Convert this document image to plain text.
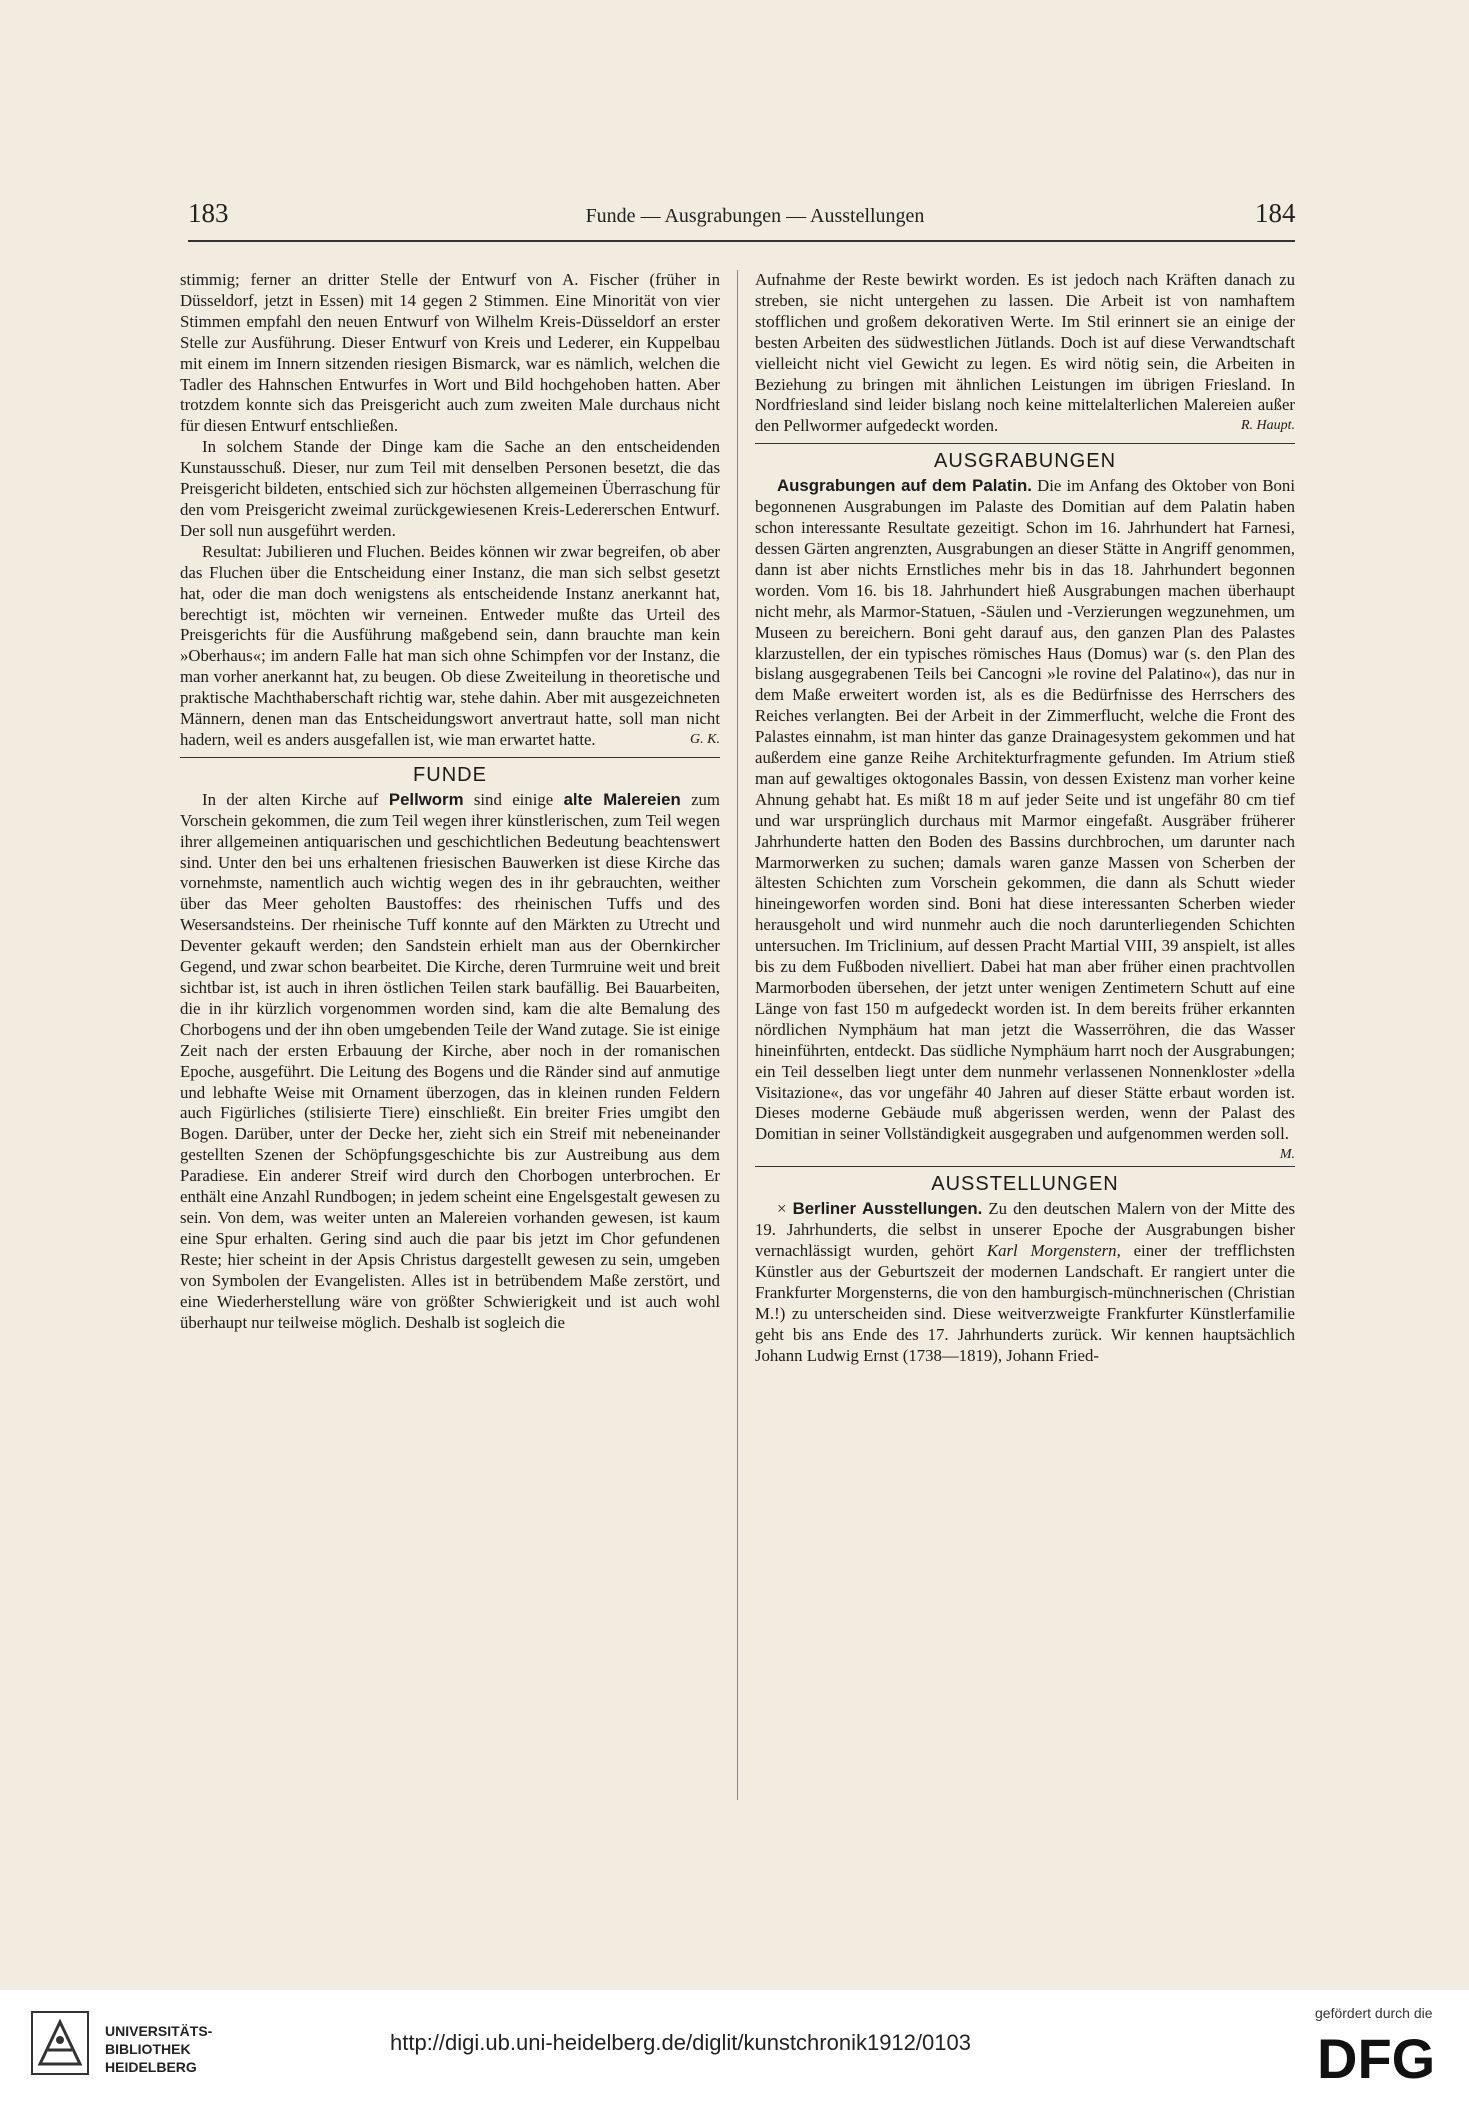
183	Funde — Ausgrabungen — Ausstellungen	184

stimmig; ferner an dritter Stelle der Entwurf von A. Fischer (früher in Düsseldorf, jetzt in Essen) mit 14 gegen 2 Stimmen. Eine Minorität von vier Stimmen empfahl den neuen Entwurf von Wilhelm Kreis-Düsseldorf an erster Stelle zur Ausführung. Dieser Entwurf von Kreis und Lederer, ein Kuppelbau mit einem im Innern sitzenden riesigen Bismarck, war es nämlich, welchen die Tadler des Hahnschen Entwurfes in Wort und Bild hochgehoben hatten. Aber trotzdem konnte sich das Preisgericht auch zum zweiten Male durchaus nicht für diesen Entwurf entschließen.

In solchem Stande der Dinge kam die Sache an den entscheidenden Kunstausschuß. Dieser, nur zum Teil mit denselben Personen besetzt, die das Preisgericht bildeten, entschied sich zur höchsten allgemeinen Überraschung für den vom Preisgericht zweimal zurückgewiesenen Kreis-Ledererschen Entwurf. Der soll nun ausgeführt werden.

Resultat: Jubilieren und Fluchen. Beides können wir zwar begreifen, ob aber das Fluchen über die Entscheidung einer Instanz, die man sich selbst gesetzt hat, oder die man doch wenigstens als entscheidende Instanz anerkannt hat, berechtigt ist, möchten wir verneinen. Entweder mußte das Urteil des Preisgerichts für die Ausführung maßgebend sein, dann brauchte man kein »Oberhaus«; im andern Falle hat man sich ohne Schimpfen vor der Instanz, die man vorher anerkannt hat, zu beugen. Ob diese Zweiteilung in theoretische und praktische Machthaberschaft richtig war, stehe dahin. Aber mit ausgezeichneten Männern, denen man das Entscheidungswort anvertraut hatte, soll man nicht hadern, weil es anders ausgefallen ist, wie man erwartet hatte.	G. K.

FUNDE

In der alten Kirche auf Pellworm sind einige alte Malereien zum Vorschein gekommen, die zum Teil wegen ihrer künstlerischen, zum Teil wegen ihrer allgemeinen antiquarischen und geschichtlichen Bedeutung beachtenswert sind. Unter den bei uns erhaltenen friesischen Bauwerken ist diese Kirche das vornehmste, namentlich auch wichtig wegen des in ihr gebrauchten, weither über das Meer geholten Baustoffes: des rheinischen Tuffs und des Wesersandsteins. Der rheinische Tuff konnte auf den Märkten zu Utrecht und Deventer gekauft werden; den Sandstein erhielt man aus der Obernkircher Gegend, und zwar schon bearbeitet. Die Kirche, deren Turmruine weit und breit sichtbar ist, ist auch in ihren östlichen Teilen stark baufällig. Bei Bauarbeiten, die in ihr kürzlich vorgenommen worden sind, kam die alte Bemalung des Chorbogens und der ihn oben umgebenden Teile der Wand zutage. Sie ist einige Zeit nach der ersten Erbauung der Kirche, aber noch in der romanischen Epoche, ausgeführt. Die Leitung des Bogens und die Ränder sind auf anmutige und lebhafte Weise mit Ornament überzogen, das in kleinen runden Feldern auch Figürliches (stilisierte Tiere) einschließt. Ein breiter Fries umgibt den Bogen. Darüber, unter der Decke her, zieht sich ein Streif mit nebeneinander gestellten Szenen der Schöpfungsgeschichte bis zur Austreibung aus dem Paradiese. Ein anderer Streif wird durch den Chorbogen unterbrochen. Er enthält eine Anzahl Rundbogen; in jedem scheint eine Engelsgestalt gewesen zu sein. Von dem, was weiter unten an Malereien vorhanden gewesen, ist kaum eine Spur erhalten. Gering sind auch die paar bis jetzt im Chor gefundenen Reste; hier scheint in der Apsis Christus dargestellt gewesen zu sein, umgeben von Symbolen der Evangelisten. Alles ist in betrübendem Maße zerstört, und eine Wiederherstellung wäre von größter Schwierigkeit und ist auch wohl überhaupt nur teilweise möglich. Deshalb ist sogleich die

Aufnahme der Reste bewirkt worden. Es ist jedoch nach Kräften danach zu streben, sie nicht untergehen zu lassen. Die Arbeit ist von namhaftem stofflichen und großem dekorativen Werte. Im Stil erinnert sie an einige der besten Arbeiten des südwestlichen Jütlands. Doch ist auf diese Verwandtschaft vielleicht nicht viel Gewicht zu legen. Es wird nötig sein, die Arbeiten in Beziehung zu bringen mit ähnlichen Leistungen im übrigen Friesland. In Nordfriesland sind leider bislang noch keine mittelalterlichen Malereien außer den Pellwormer aufgedeckt worden.	R. Haupt.

AUSGRABUNGEN

Ausgrabungen auf dem Palatin. Die im Anfang des Oktober von Boni begonnenen Ausgrabungen im Palaste des Domitian auf dem Palatin haben schon interessante Resultate gezeitigt. Schon im 16. Jahrhundert hat Farnesi, dessen Gärten angrenzten, Ausgrabungen an dieser Stätte in Angriff genommen, dann ist aber nichts Ernstliches mehr bis in das 18. Jahrhundert begonnen worden. Vom 16. bis 18. Jahrhundert hieß Ausgrabungen machen überhaupt nicht mehr, als Marmor-Statuen, -Säulen und -Verzierungen wegzunehmen, um Museen zu bereichern. Boni geht darauf aus, den ganzen Plan des Palastes klarzustellen, der ein typisches römisches Haus (Domus) war (s. den Plan des bislang ausgegrabenen Teils bei Cancogni »le rovine del Palatino«), das nur in dem Maße erweitert worden ist, als es die Bedürfnisse des Herrschers des Reiches verlangten. Bei der Arbeit in der Zimmerflucht, welche die Front des Palastes einnahm, ist man hinter das ganze Drainagesystem gekommen und hat außerdem eine ganze Reihe Architekturfragmente gefunden. Im Atrium stieß man auf gewaltiges oktogonales Bassin, von dessen Existenz man vorher keine Ahnung gehabt hat. Es mißt 18 m auf jeder Seite und ist ungefähr 80 cm tief und war ursprünglich durchaus mit Marmor eingefaßt. Ausgräber früherer Jahrhunderte hatten den Boden des Bassins durchbrochen, um darunter nach Marmorwerken zu suchen; damals waren ganze Massen von Scherben der ältesten Schichten zum Vorschein gekommen, die dann als Schutt wieder hineingeworfen worden sind. Boni hat diese interessanten Scherben wieder herausgeholt und wird nunmehr auch die noch darunterliegenden Schichten untersuchen. Im Triclinium, auf dessen Pracht Martial VIII, 39 anspielt, ist alles bis zu dem Fußboden nivelliert. Dabei hat man aber früher einen prachtvollen Marmorboden übersehen, der jetzt unter wenigen Zentimetern Schutt auf eine Länge von fast 150 m aufgedeckt worden ist. In dem bereits früher erkannten nördlichen Nymphäum hat man jetzt die Wasserröhren, die das Wasser hineinführten, entdeckt. Das südliche Nymphäum harrt noch der Ausgrabungen; ein Teil desselben liegt unter dem nunmehr verlassenen Nonnenkloster »della Visitazione«, das vor ungefähr 40 Jahren auf dieser Stätte erbaut worden ist. Dieses moderne Gebäude muß abgerissen werden, wenn der Palast des Domitian in seiner Vollständigkeit ausgegraben und aufgenommen werden soll.
M.

AUSSTELLUNGEN

× Berliner Ausstellungen. Zu den deutschen Malern von der Mitte des 19. Jahrhunderts, die selbst in unserer Epoche der Ausgrabungen bisher vernachlässigt wurden, gehört Karl Morgenstern, einer der trefflichsten Künstler aus der Geburtszeit der modernen Landschaft. Er rangiert unter die Frankfurter Morgensterns, die von den hamburgisch-münchnerischen (Christian M.!) zu unterscheiden sind. Diese weitverzweigte Frankfurter Künstlerfamilie geht bis ans Ende des 17. Jahrhunderts zurück. Wir kennen hauptsächlich Johann Ludwig Ernst (1738—1819), Johann Fried-

UNIVERSITÄTS-
BIBLIOTHEK
HEIDELBERG
http://digi.ub.uni-heidelberg.de/diglit/kunstchronik1912/0103
gefördert durch die
DFG
